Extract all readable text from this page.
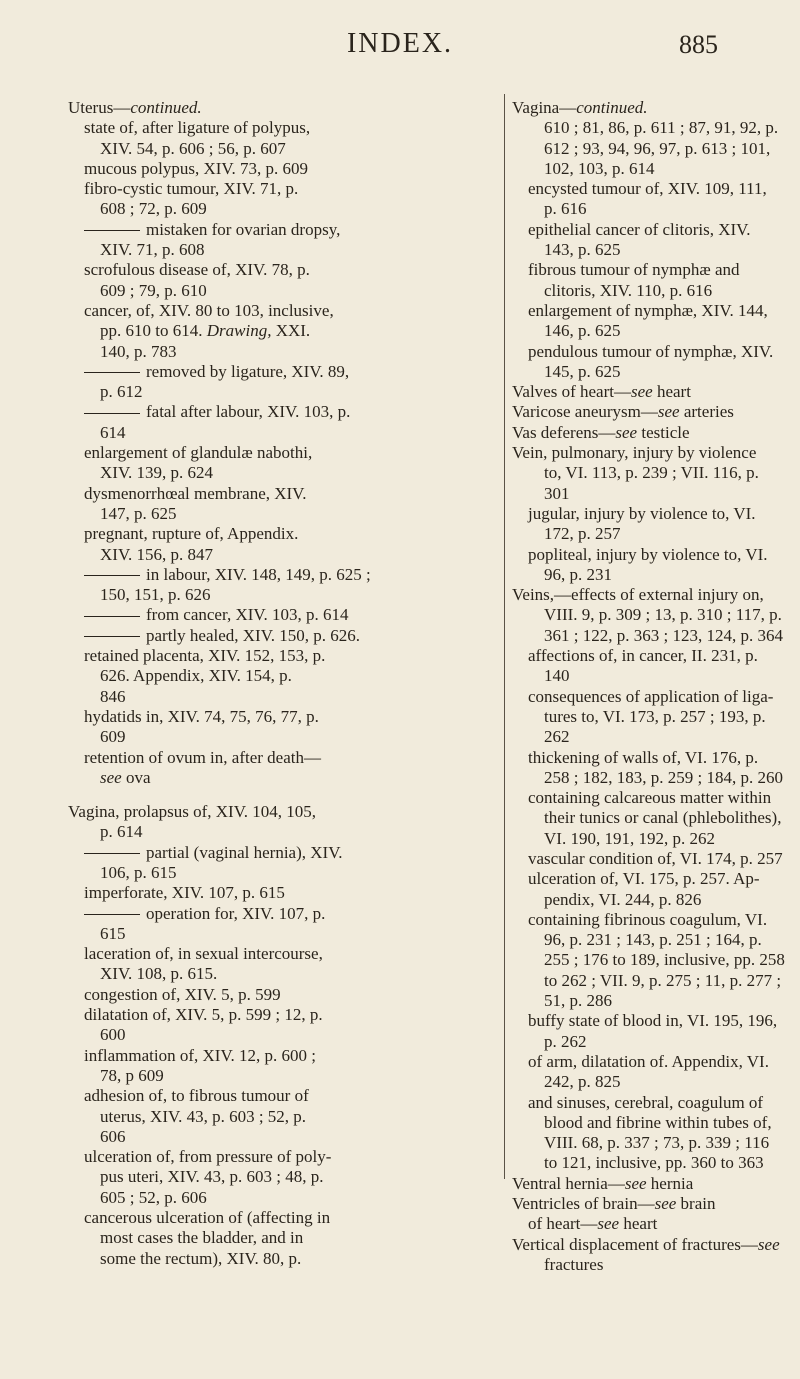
INDEX.	885
Uterus—continued.
state of, after ligature of polypus,
XIV. 54, p. 606 ; 56, p. 607
mucous polypus, XIV. 73, p. 609
fibro-cystic tumour, XIV. 71, p.
608 ; 72, p. 609
mistaken for ovarian dropsy,
XIV. 71, p. 608
scrofulous disease of, XIV. 78, p.
609 ; 79, p. 610
cancer, of, XIV. 80 to 103, inclusive,
pp. 610 to 614. Drawing, XXI.
140, p. 783
removed by ligature, XIV. 89,
p. 612
fatal after labour, XIV. 103, p.
614
enlargement of glandulæ nabothi,
XIV. 139, p. 624
dysmenorrhœal membrane, XIV.
147, p. 625
pregnant, rupture of, Appendix.
XIV. 156, p. 847
in labour, XIV. 148, 149, p. 625 ;
150, 151, p. 626
from cancer, XIV. 103, p. 614
partly healed, XIV. 150, p. 626.
retained placenta, XIV. 152, 153, p.
626. Appendix, XIV. 154, p.
846
hydatids in, XIV. 74, 75, 76, 77, p.
609
retention of ovum in, after death—
see ova
Vagina, prolapsus of, XIV. 104, 105,
p. 614
partial (vaginal hernia), XIV.
106, p. 615
imperforate, XIV. 107, p. 615
operation for, XIV. 107, p.
615
laceration of, in sexual intercourse,
XIV. 108, p. 615.
congestion of, XIV. 5, p. 599
dilatation of, XIV. 5, p. 599 ; 12, p.
600
inflammation of, XIV. 12, p. 600 ;
78, p 609
adhesion of, to fibrous tumour of
uterus, XIV. 43, p. 603 ; 52, p.
606
ulceration of, from pressure of poly-
pus uteri, XIV. 43, p. 603 ; 48, p.
605 ; 52, p. 606
cancerous ulceration of (affecting in
most cases the bladder, and in
some the rectum), XIV. 80, p.
Vagina—continued.
610 ; 81, 86, p. 611 ; 87, 91, 92, p.
612 ; 93, 94, 96, 97, p. 613 ; 101,
102, 103, p. 614
encysted tumour of, XIV. 109, 111,
p. 616
epithelial cancer of clitoris, XIV.
143, p. 625
fibrous tumour of nymphæ and
clitoris, XIV. 110, p. 616
enlargement of nymphæ, XIV. 144,
146, p. 625
pendulous tumour of nymphæ, XIV.
145, p. 625
Valves of heart—see heart
Varicose aneurysm—see arteries
Vas deferens—see testicle
Vein, pulmonary, injury by violence
to, VI. 113, p. 239 ; VII. 116, p.
301
jugular, injury by violence to, VI.
172, p. 257
popliteal, injury by violence to, VI.
96, p. 231
Veins,—effects of external injury on,
VIII. 9, p. 309 ; 13, p. 310 ; 117, p.
361 ; 122, p. 363 ; 123, 124, p. 364
affections of, in cancer, II. 231, p.
140
consequences of application of liga-
tures to, VI. 173, p. 257 ; 193, p.
262
thickening of walls of, VI. 176, p.
258 ; 182, 183, p. 259 ; 184, p. 260
containing calcareous matter within
their tunics or canal (phlebolithes),
VI. 190, 191, 192, p. 262
vascular condition of, VI. 174, p. 257
ulceration of, VI. 175, p. 257. Ap-
pendix, VI. 244, p. 826
containing fibrinous coagulum, VI.
96, p. 231 ; 143, p. 251 ; 164, p.
255 ; 176 to 189, inclusive, pp. 258
to 262 ; VII. 9, p. 275 ; 11, p. 277 ;
51, p. 286
buffy state of blood in, VI. 195, 196,
p. 262
of arm, dilatation of. Appendix, VI.
242, p. 825
and sinuses, cerebral, coagulum of
blood and fibrine within tubes of,
VIII. 68, p. 337 ; 73, p. 339 ; 116
to 121, inclusive, pp. 360 to 363
Ventral hernia—see hernia
Ventricles of brain—see brain
of heart—see heart
Vertical displacement of fractures—see
fractures
